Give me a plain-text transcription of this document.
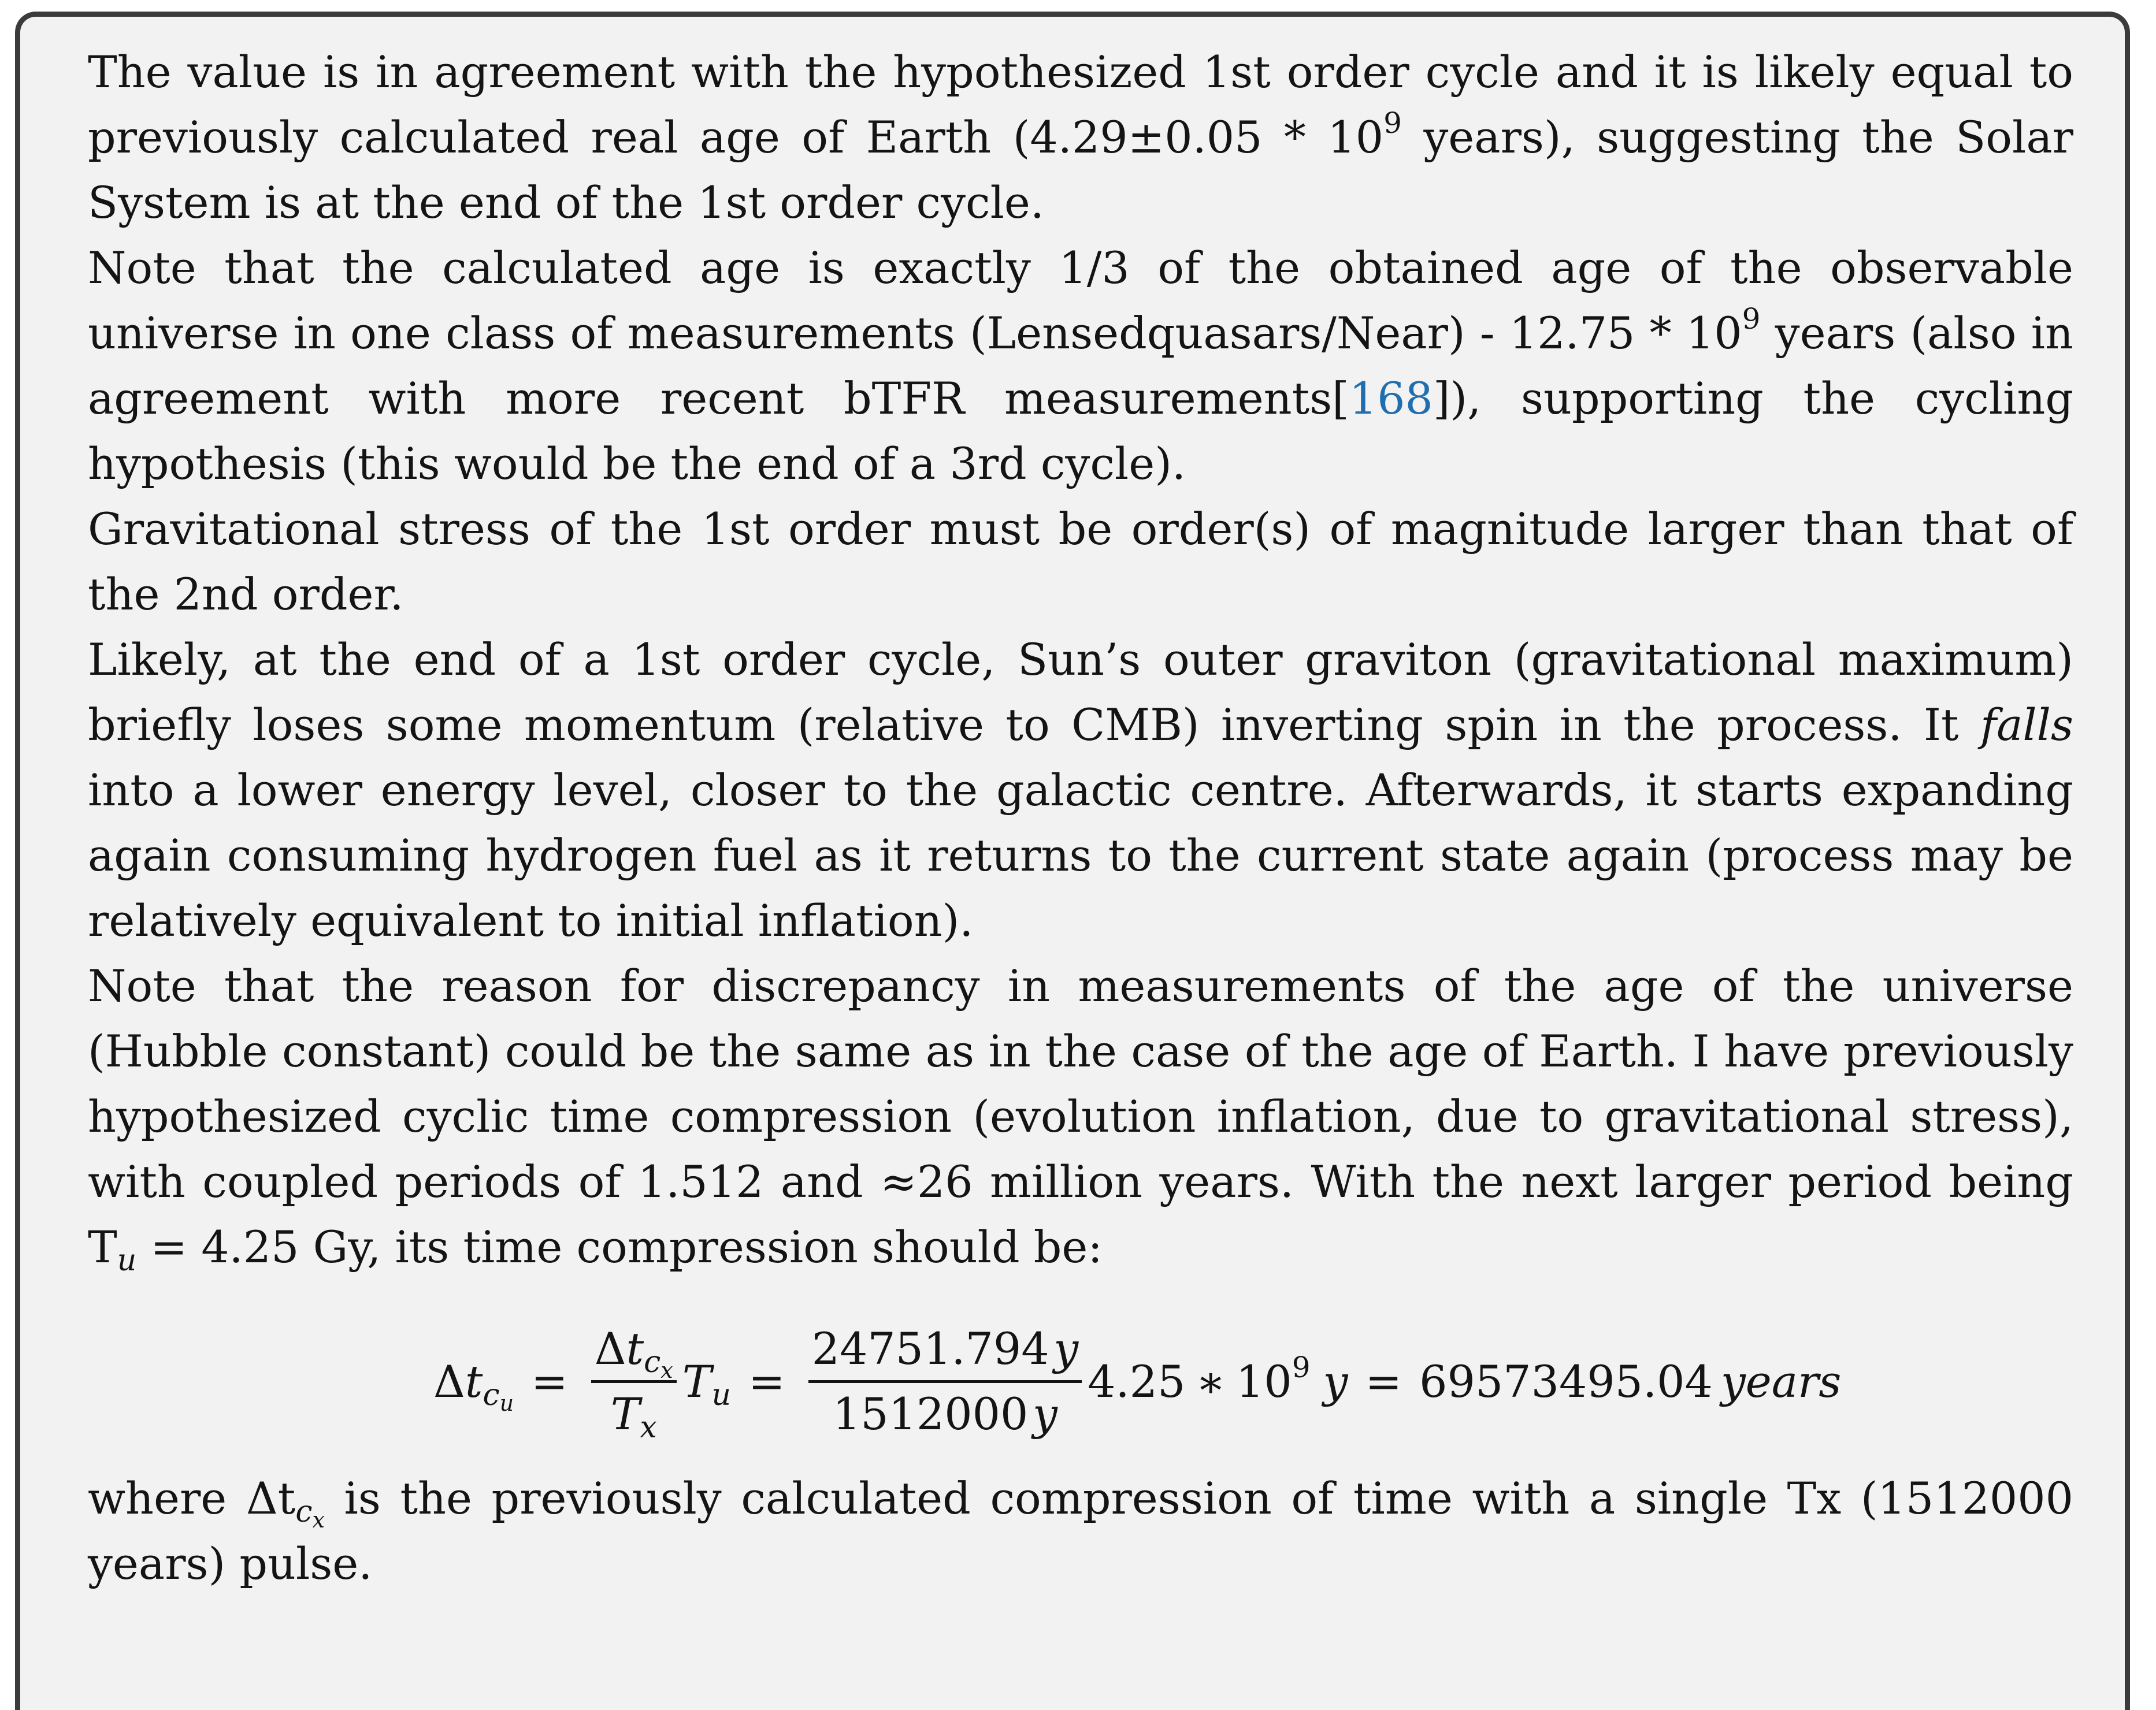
The value is in agreement with the hypothesized 1st order cycle and it is likely equal to previously calculated real age of Earth ($4.29\pm 0.05 * 10^9$ years), suggesting the Solar System is at the end of the 1st order cycle.

Note that the calculated age is exactly 1/3 of the obtained age of the observable universe in one class of measurements (Lensedquasars/Near) - $12.75 * 10^9$ years (also in agreement with more recent bTFR measurements[168]), supporting the cycling hypothesis (this would be the end of a 3rd cycle).

Gravitational stress of the 1st order must be order(s) of magnitude larger than that of the 2nd order.

Likely, at the end of a 1st order cycle, Sun’s outer graviton (gravitational maximum) briefly loses some momentum (relative to CMB) inverting spin in the process. It falls into a lower energy level, closer to the galactic centre. Afterwards, it starts expanding again consuming hydrogen fuel as it returns to the current state again (process may be relatively equivalent to initial inflation).

Note that the reason for discrepancy in measurements of the age of the universe (Hubble constant) could be the same as in the case of the age of Earth. I have previously hypothesized cyclic time compression (evolution inflation, due to gravitational stress), with coupled periods of 1.512 and ≈26 million years. With the next larger period being $T_u = 4.25$ Gy, its time compression should be:

$\Delta t_{cu} = \frac{\Delta t_{cx}}{T_x} T_u = \frac{24751.794 y}{1512000 y} 4.25$ ∗ $10^9$ y = 69573495.04 years

where $\Delta t_{cx}$ is the previously calculated compression of time with a single Tx (1512000 years) pulse.
